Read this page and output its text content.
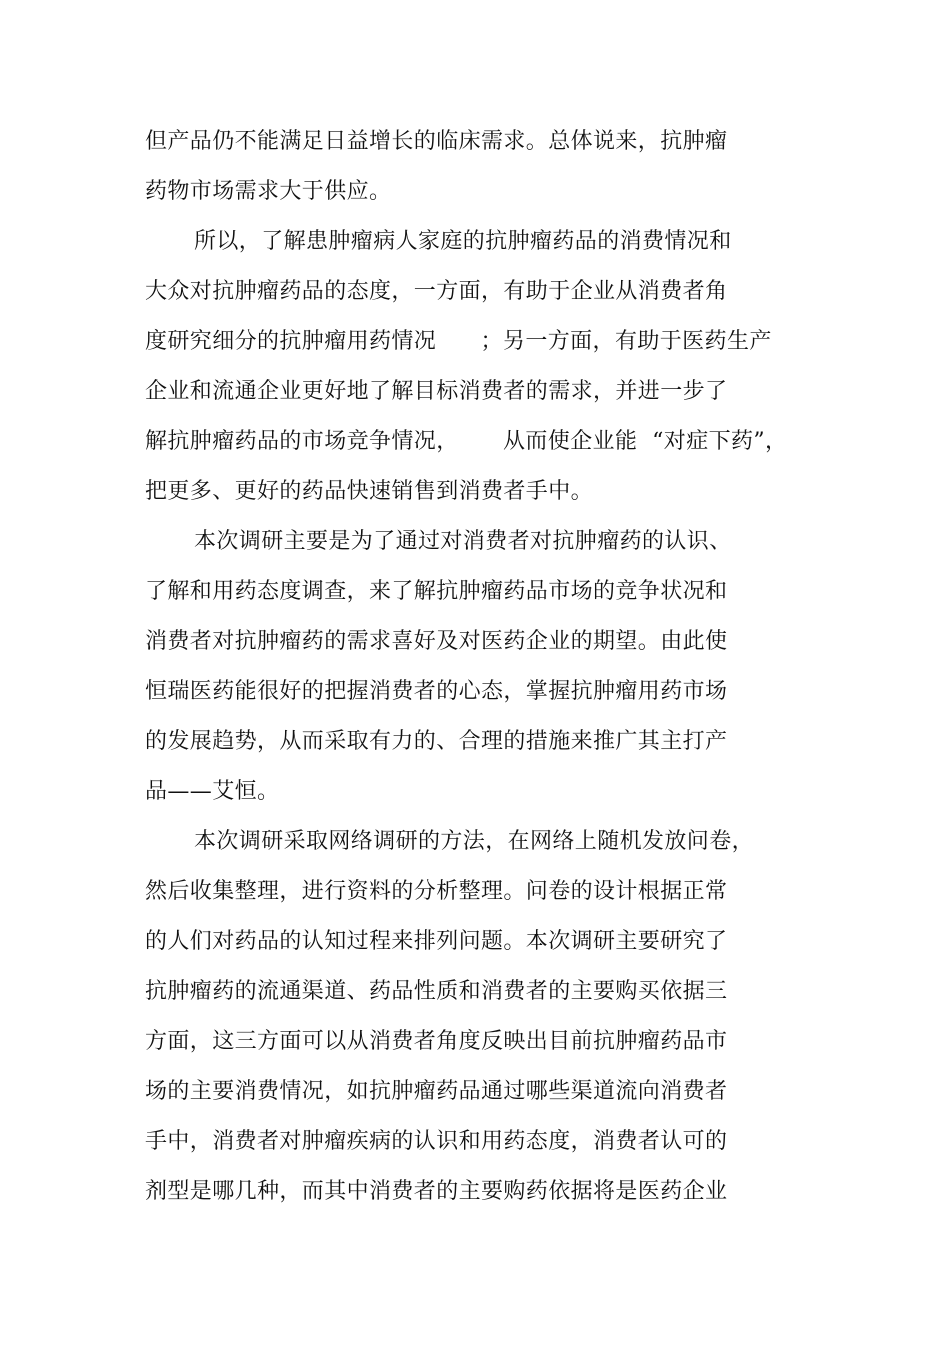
但产品仍不能满足日益增长的临床需求。总体说来，抗肿瘤
药物市场需求大于供应。
所以，了解患肿瘤病人家庭的抗肿瘤药品的消费情况和
大众对抗肿瘤药品的态度，一方面，有助于企业从消费者角
度研究细分的抗肿瘤用药情况      ；另一方面，有助于医药生产
企业和流通企业更好地了解目标消费者的需求，并进一步了
解抗肿瘤药品的市场竞争情况，      从而使企业能  “对症下药”，
把更多、更好的药品快速销售到消费者手中。
本次调研主要是为了通过对消费者对抗肿瘤药的认识、
了解和用药态度调查，来了解抗肿瘤药品市场的竞争状况和
消费者对抗肿瘤药的需求喜好及对医药企业的期望。由此使
恒瑞医药能很好的把握消费者的心态，掌握抗肿瘤用药市场
的发展趋势，从而采取有力的、合理的措施来推广其主打产
品——艾恒。
本次调研采取网络调研的方法，在网络上随机发放问卷，
然后收集整理，进行资料的分析整理。问卷的设计根据正常
的人们对药品的认知过程来排列问题。本次调研主要研究了
抗肿瘤药的流通渠道、药品性质和消费者的主要购买依据三
方面，这三方面可以从消费者角度反映出目前抗肿瘤药品市
场的主要消费情况，如抗肿瘤药品通过哪些渠道流向消费者
手中，消费者对肿瘤疾病的认识和用药态度，消费者认可的
剂型是哪几种，而其中消费者的主要购药依据将是医药企业
